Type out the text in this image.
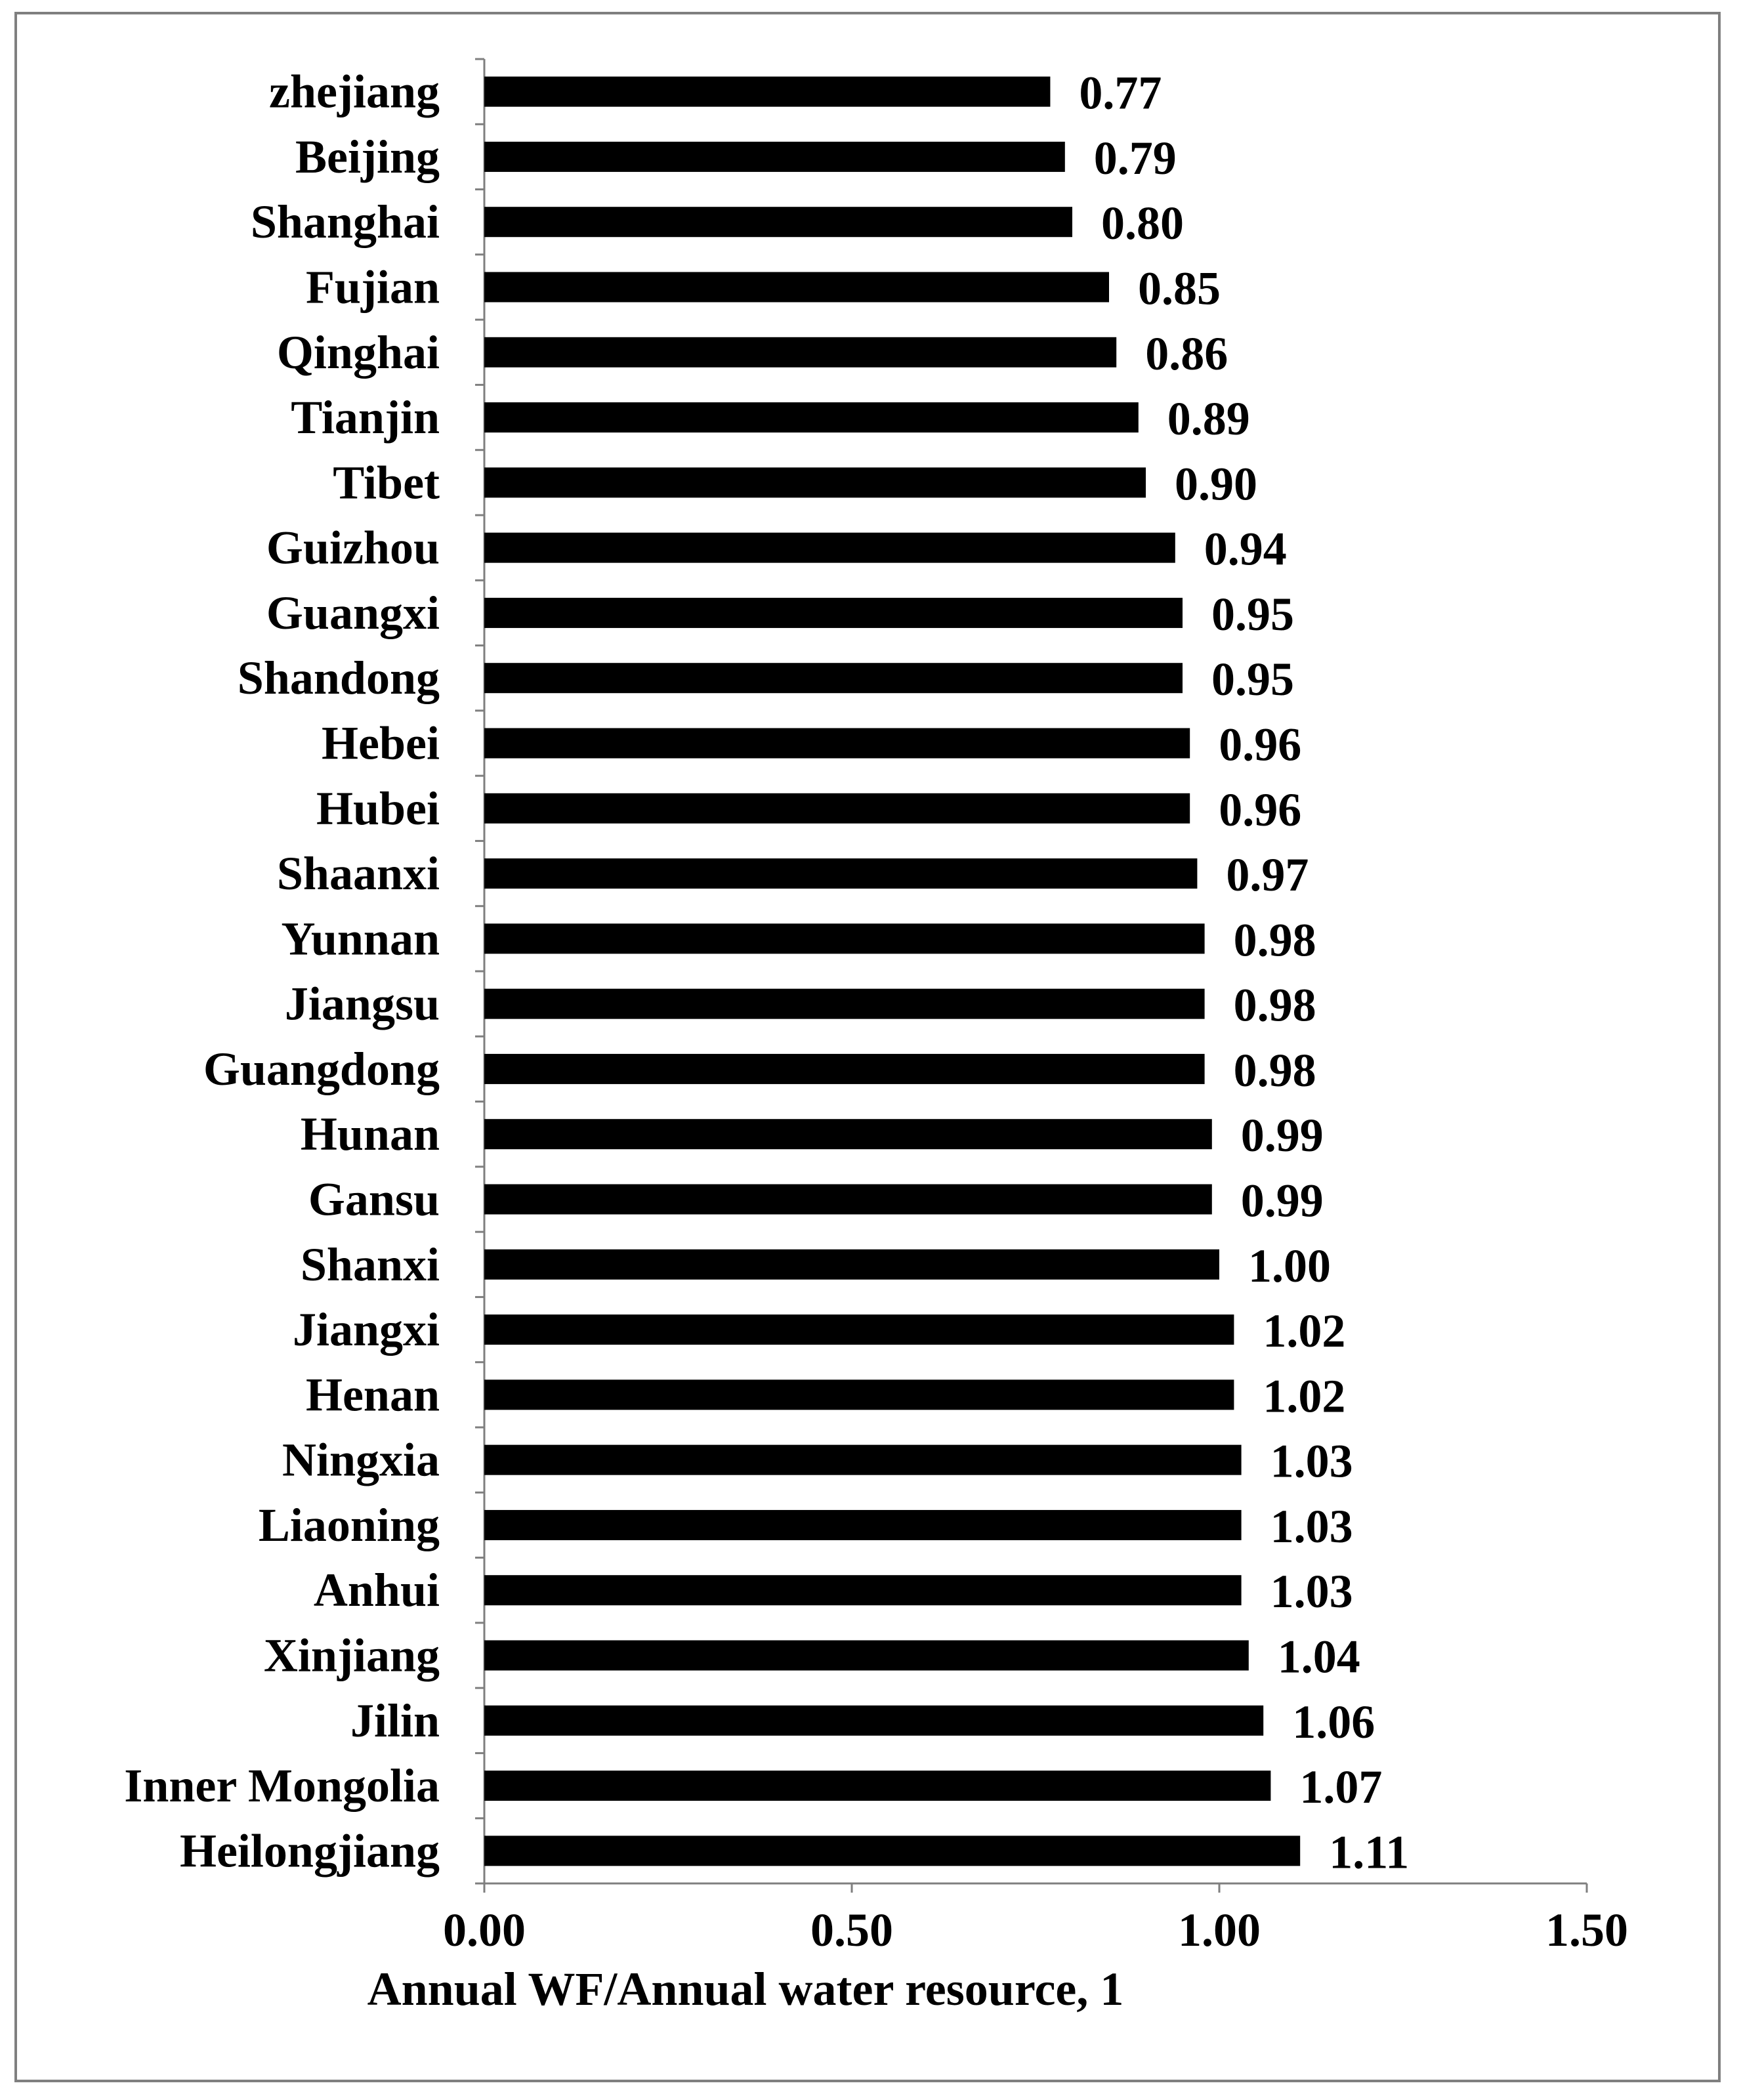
zhejiang
Beijing
Shanghai
Fujian
Qinghai
Tianjin
Tibet
Guizhou
Guangxi
Shandong
Hebei
Hubei
Shaanxi
Yunnan
Jiangsu
Guangdong
Hunan
Gansu
Shanxi
Jiangxi
Henan
Ningxia
Liaoning
Anhui
Xinjiang
Jilin
Inner Mongolia
Heilongjiang
0.77
0.79
0.80
0.85
0.86
0.89
0.90
0.94
0.95
0.95
0.96
0.96
0.97
0.98
0.98
0.98
0.99
0.99
1.00
1.02
1.02
1.03
1.03
1.03
1.04
1.06
1.07
1.11
0.00	0.50	1.00	1.50
Annual WF/Annual water resource, 1
